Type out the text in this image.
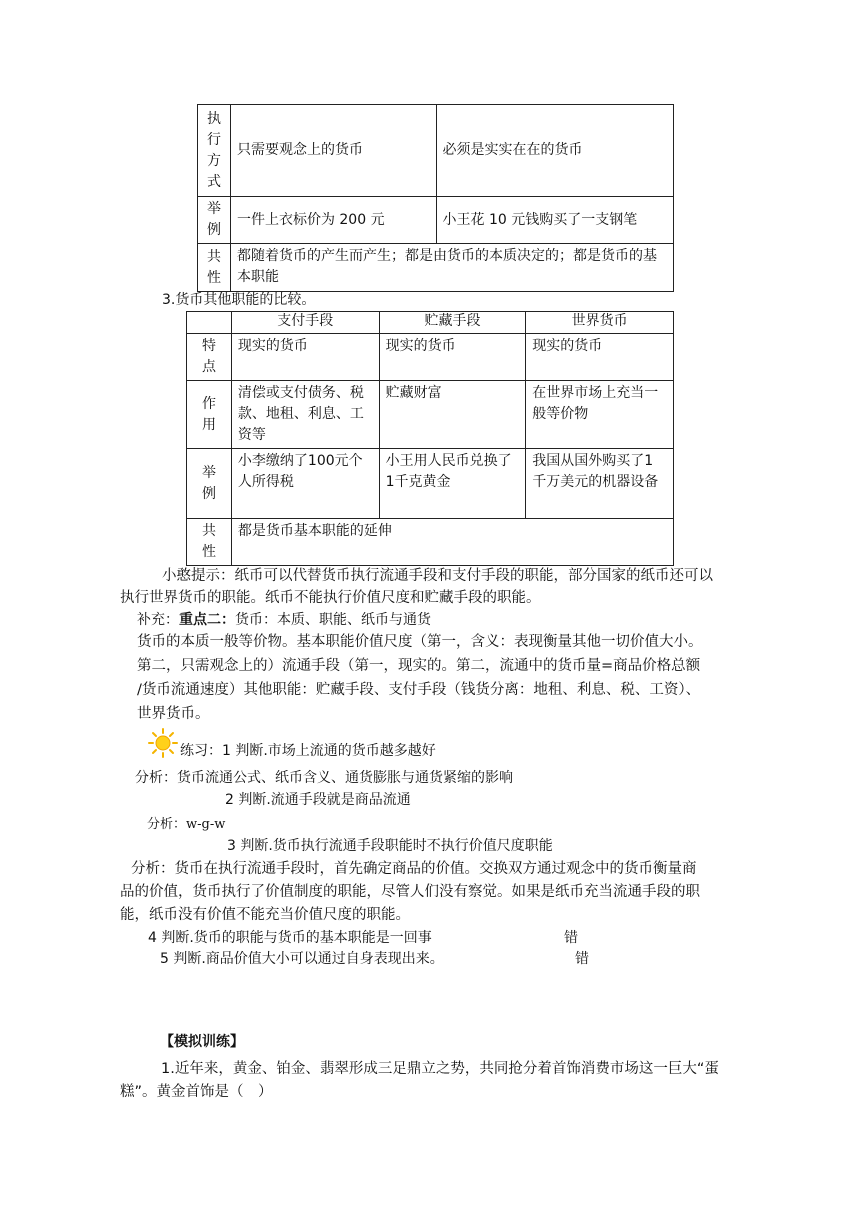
执
行
方
式	只需要观念上的货币	必须是实实在在的货币
举
例	一件上衣标价为 200 元	小王花 10 元钱购买了一支钢笔
共
性	都随着货币的产生而产生；都是由货币的本质决定的；都是货币的基本职能	
3.货币其他职能的比较。
	支付手段	贮藏手段	世界货币
特
点	现实的货币	现实的货币	现实的货币
作
用	清偿或支付债务、税款、地租、利息、工资等	贮藏财富	在世界市场上充当一般等价物
举
例	小李缴纳了100元个人所得税	小王用人民币兑换了1千克黄金	我国从国外购买了1 千万美元的机器设备
共
性	都是货币基本职能的延伸		
小憨提示：纸币可以代替货币执行流通手段和支付手段的职能，部分国家的纸币还可以
执行世界货币的职能。纸币不能执行价值尺度和贮藏手段的职能。
补充：重点二：货币：本质、职能、纸币与通货
货币的本质一般等价物。基本职能价值尺度（第一，含义：表现衡量其他一切价值大小。
第二，只需观念上的）流通手段（第一，现实的。第二，流通中的货币量=商品价格总额
/货币流通速度）其他职能：贮藏手段、支付手段（钱货分离：地租、利息、税、工资）、
世界货币。
练习：1 判断.市场上流通的货币越多越好
分析：货币流通公式、纸币含义、通货膨胀与通货紧缩的影响
2 判断.流通手段就是商品流通
分析：w-g-w
3 判断.货币执行流通手段职能时不执行价值尺度职能
分析：货币在执行流通手段时，首先确定商品的价值。交换双方通过观念中的货币衡量商
品的价值，货币执行了价值制度的职能，尽管人们没有察觉。如果是纸币充当流通手段的职
能，纸币没有价值不能充当价值尺度的职能。
4 判断.货币的职能与货币的基本职能是一回事	错
5 判断.商品价值大小可以通过自身表现出来。	错
【模拟训练】
1.近年来，黄金、铂金、翡翠形成三足鼎立之势，共同抢分着首饰消费市场这一巨大“蛋
糕”。黄金首饰是（　）
